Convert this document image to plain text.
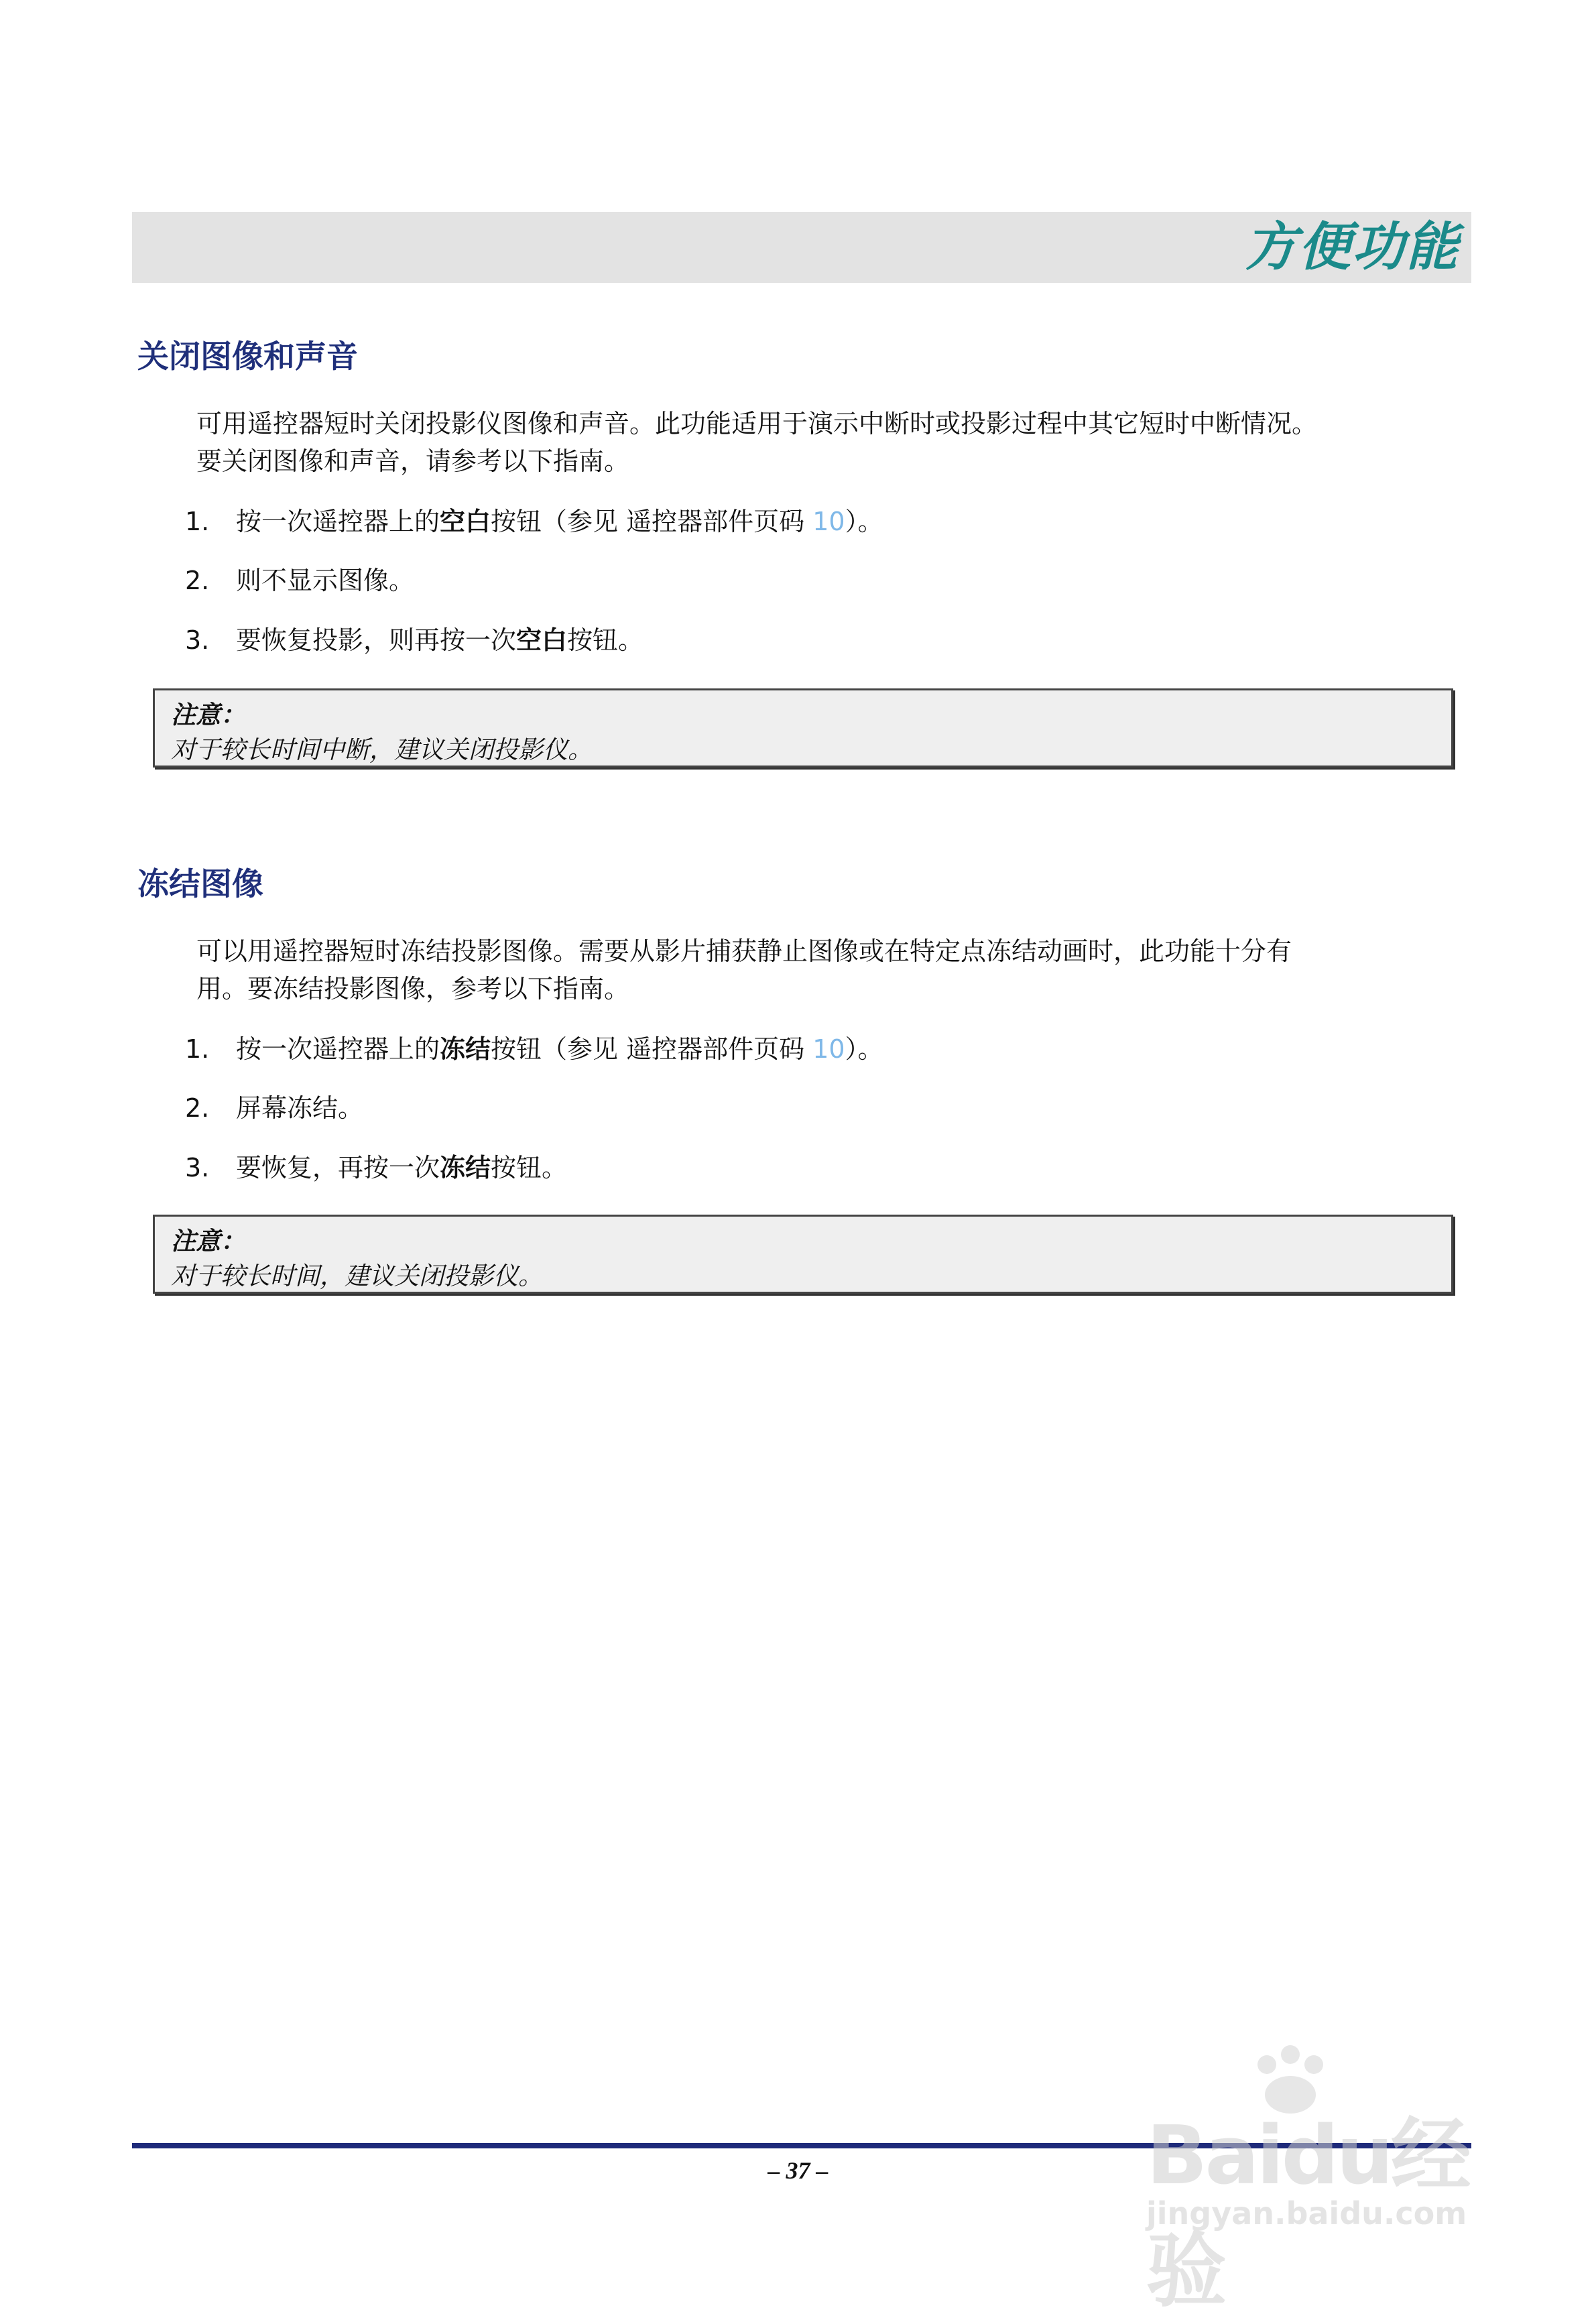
方便功能
关闭图像和声音
可用遥控器短时关闭投影仪图像和声音。此功能适用于演示中断时或投影过程中其它短时中断情况。
要关闭图像和声音，请参考以下指南。
1. 按一次遥控器上的空白按钮（参见 遥控器部件页码 10）。
2. 则不显示图像。
3. 要恢复投影，则再按一次空白按钮。
注意：
对于较长时间中断，建议关闭投影仪。
冻结图像
可以用遥控器短时冻结投影图像。需要从影片捕获静止图像或在特定点冻结动画时，此功能十分有
用。要冻结投影图像，参考以下指南。
1. 按一次遥控器上的冻结按钮（参见 遥控器部件页码 10）。
2. 屏幕冻结。
3. 要恢复，再按一次冻结按钮。
注意：
对于较长时间，建议关闭投影仪。
– 37 –	Baidu经验
jingyan.baidu.com
